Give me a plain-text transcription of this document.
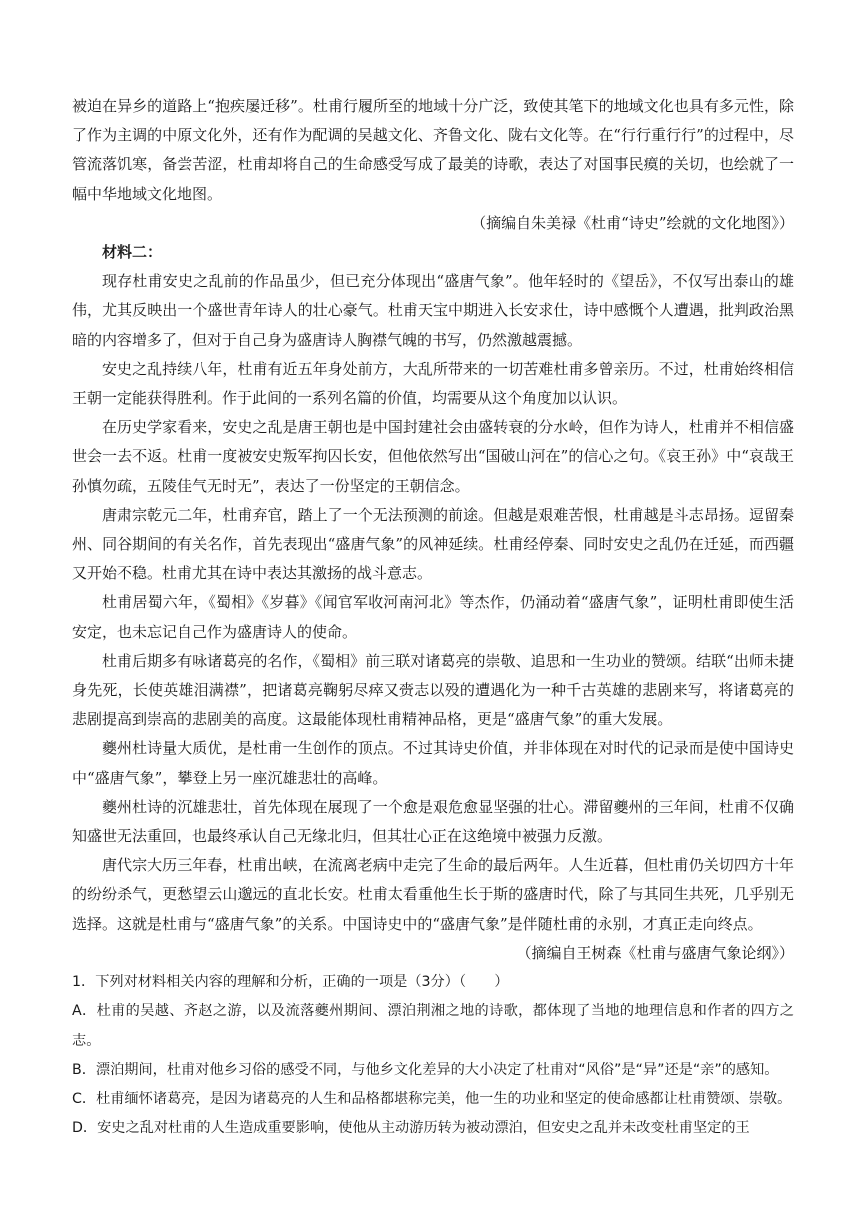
被迫在异乡的道路上“抱疾屡迁移”。杜甫行履所至的地域十分广泛，致使其笔下的地域文化也具有多元性，除了作为主调的中原文化外，还有作为配调的吴越文化、齐鲁文化、陇右文化等。在“行行重行行”的过程中，尽管流落饥寒，备尝苦涩，杜甫却将自己的生命感受写成了最美的诗歌，表达了对国事民瘼的关切，也绘就了一幅中华地域文化地图。

（摘编自朱美禄《杜甫“诗史”绘就的文化地图》）

材料二：

现存杜甫安史之乱前的作品虽少，但已充分体现出“盛唐气象”。他年轻时的《望岳》，不仅写出泰山的雄伟，尤其反映出一个盛世青年诗人的壮心豪气。杜甫天宝中期进入长安求仕，诗中感慨个人遭遇，批判政治黑暗的内容增多了，但对于自己身为盛唐诗人胸襟气魄的书写，仍然激越震撼。

安史之乱持续八年，杜甫有近五年身处前方，大乱所带来的一切苦难杜甫多曾亲历。不过，杜甫始终相信王朝一定能获得胜利。作于此间的一系列名篇的价值，均需要从这个角度加以认识。

在历史学家看来，安史之乱是唐王朝也是中国封建社会由盛转衰的分水岭，但作为诗人，杜甫并不相信盛世会一去不返。杜甫一度被安史叛军拘囚长安，但他依然写出“国破山河在”的信心之句。《哀王孙》中“哀哉王孙慎勿疏，五陵佳气无时无”，表达了一份坚定的王朝信念。

唐肃宗乾元二年，杜甫弃官，踏上了一个无法预测的前途。但越是艰难苦恨，杜甫越是斗志昂扬。逗留秦州、同谷期间的有关名作，首先表现出“盛唐气象”的风神延续。杜甫经停秦、同时安史之乱仍在迁延，而西疆又开始不稳。杜甫尤其在诗中表达其激扬的战斗意志。

杜甫居蜀六年，《蜀相》《岁暮》《闻官军收河南河北》等杰作，仍涌动着“盛唐气象”，证明杜甫即使生活安定，也未忘记自己作为盛唐诗人的使命。

杜甫后期多有咏诸葛亮的名作，《蜀相》前三联对诸葛亮的崇敬、追思和一生功业的赞颂。结联“出师未捷身先死，长使英雄泪满襟”，把诸葛亮鞠躬尽瘁又赍志以殁的遭遇化为一种千古英雄的悲剧来写，将诸葛亮的悲剧提高到崇高的悲剧美的高度。这最能体现杜甫精神品格，更是“盛唐气象”的重大发展。

夔州杜诗量大质优，是杜甫一生创作的顶点。不过其诗史价值，并非体现在对时代的记录而是使中国诗史中“盛唐气象”，攀登上另一座沉雄悲壮的高峰。

夔州杜诗的沉雄悲壮，首先体现在展现了一个愈是艰危愈显坚强的壮心。滞留夔州的三年间，杜甫不仅确知盛世无法重回，也最终承认自己无缘北归，但其壮心正在这绝境中被强力反激。

唐代宗大历三年春，杜甫出峡，在流离老病中走完了生命的最后两年。人生近暮，但杜甫仍关切四方十年的纷纷杀气，更愁望云山邈远的直北长安。杜甫太看重他生长于斯的盛唐时代，除了与其同生共死，几乎别无选择。这就是杜甫与“盛唐气象”的关系。中国诗史中的“盛唐气象”是伴随杜甫的永别，才真正走向终点。

（摘编自王树森《杜甫与盛唐气象论纲》）

1．下列对材料相关内容的理解和分析，正确的一项是（3分）（　　）

A．杜甫的吴越、齐赵之游，以及流落夔州期间、漂泊荆湘之地的诗歌，都体现了当地的地理信息和作者的四方之志。

B．漂泊期间，杜甫对他乡习俗的感受不同，与他乡文化差异的大小决定了杜甫对“风俗”是“异”还是“亲”的感知。

C．杜甫缅怀诸葛亮，是因为诸葛亮的人生和品格都堪称完美，他一生的功业和坚定的使命感都让杜甫赞颂、崇敬。

D．安史之乱对杜甫的人生造成重要影响，使他从主动游历转为被动漂泊，但安史之乱并未改变杜甫坚定的王
